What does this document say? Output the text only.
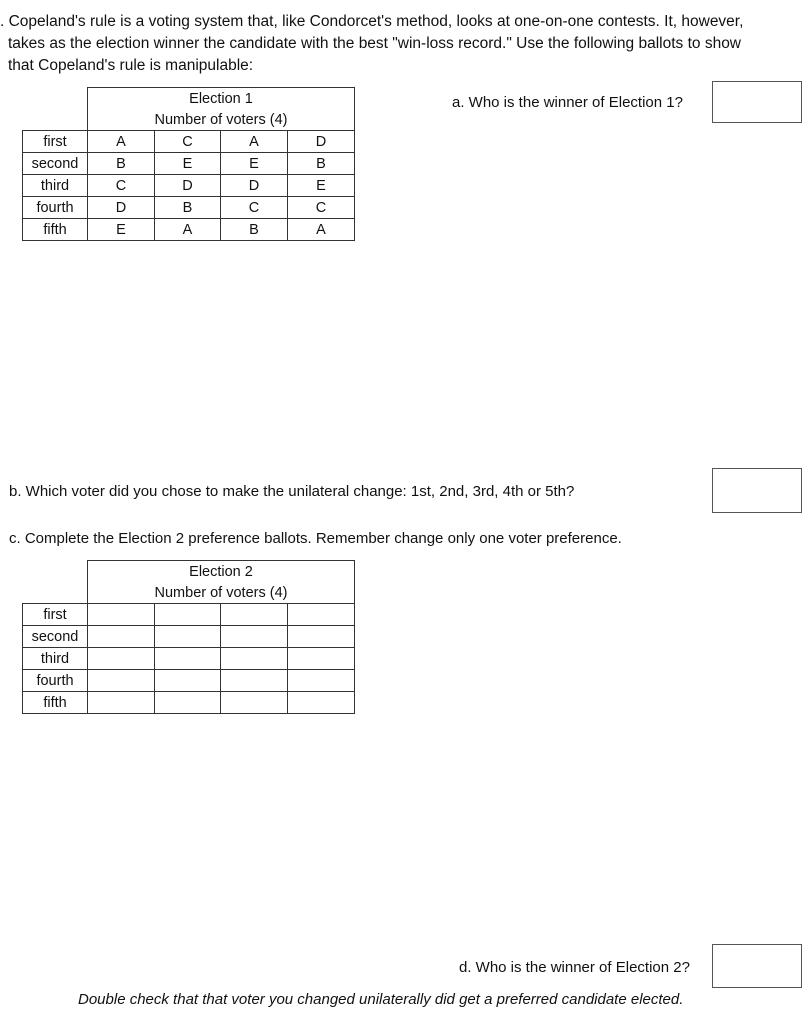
. Copeland's rule is a voting system that, like Condorcet's method, looks at one-on-one contests. It, however,
takes as the election winner the candidate with the best "win-loss record." Use the following ballots to show
that Copeland's rule is manipulable:
	Election 1			
	Number of voters (4)			
first	A	C	A	D
second	B	E	E	B
third	C	D	D	E
fourth	D	B	C	C
fifth	E	A	B	A
a. Who is the winner of Election 1?
b. Which voter did you chose to make the unilateral change: 1st, 2nd, 3rd, 4th or 5th?
c. Complete the Election 2 preference ballots. Remember change only one voter preference.
	Election 2			
	Number of voters (4)			
first				
second				
third				
fourth				
fifth				
d. Who is the winner of Election 2?
Double check that that voter you changed unilaterally did get a preferred candidate elected.
